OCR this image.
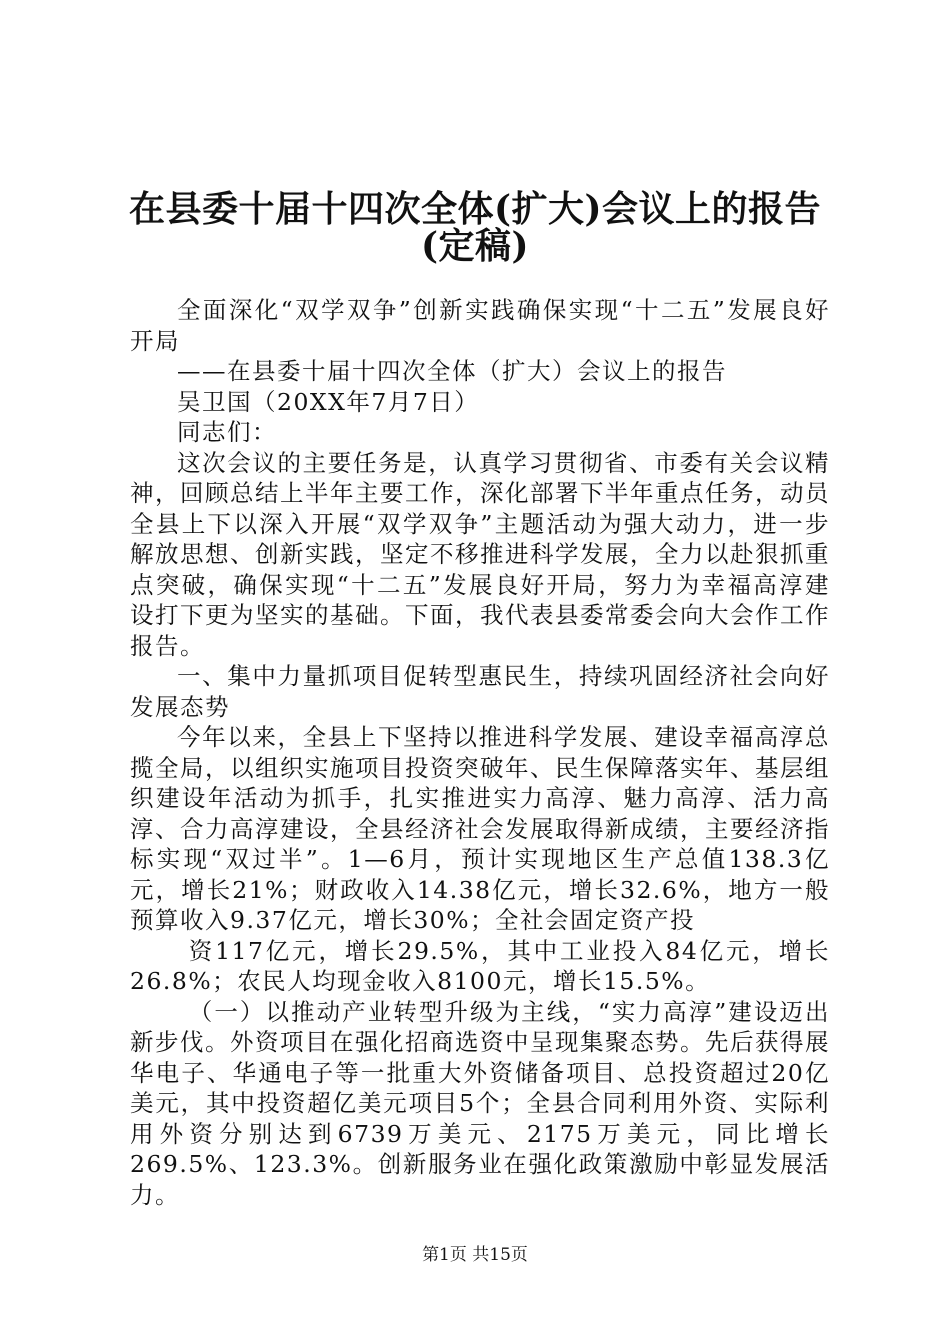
在县委十届十四次全体(扩大)会议上的报告
(定稿)

全面深化“双学双争”创新实践确保实现“十二五”发展良好开局

——在县委十届十四次全体（扩大）会议上的报告

吴卫国（20XX年7月7日）

同志们：

这次会议的主要任务是，认真学习贯彻省、市委有关会议精神，回顾总结上半年主要工作，深化部署下半年重点任务，动员全县上下以深入开展“双学双争”主题活动为强大动力，进一步解放思想、创新实践，坚定不移推进科学发展，全力以赴狠抓重点突破，确保实现“十二五”发展良好开局，努力为幸福高淳建设打下更为坚实的基础。下面，我代表县委常委会向大会作工作报告。

一、集中力量抓项目促转型惠民生，持续巩固经济社会向好发展态势

今年以来，全县上下坚持以推进科学发展、建设幸福高淳总揽全局，以组织实施项目投资突破年、民生保障落实年、基层组织建设年活动为抓手，扎实推进实力高淳、魅力高淳、活力高淳、合力高淳建设，全县经济社会发展取得新成绩，主要经济指标实现“双过半”。1—6月，预计实现地区生产总值138.3亿元，增长21%；财政收入14.38亿元，增长32.6%，地方一般预算收入9.37亿元，增长30%；全社会固定资产投

资117亿元，增长29.5%，其中工业投入84亿元，增长26.8%；农民人均现金收入8100元，增长15.5%。

（一）以推动产业转型升级为主线，“实力高淳”建设迈出新步伐。外资项目在强化招商选资中呈现集聚态势。先后获得展华电子、华通电子等一批重大外资储备项目、总投资超过20亿美元，其中投资超亿美元项目5个；全县合同利用外资、实际利用外资分别达到6739万美元、2175万美元，同比增长269.5%、123.3%。创新服务业在强化政策激励中彰显发展活力。

第1页 共15页
